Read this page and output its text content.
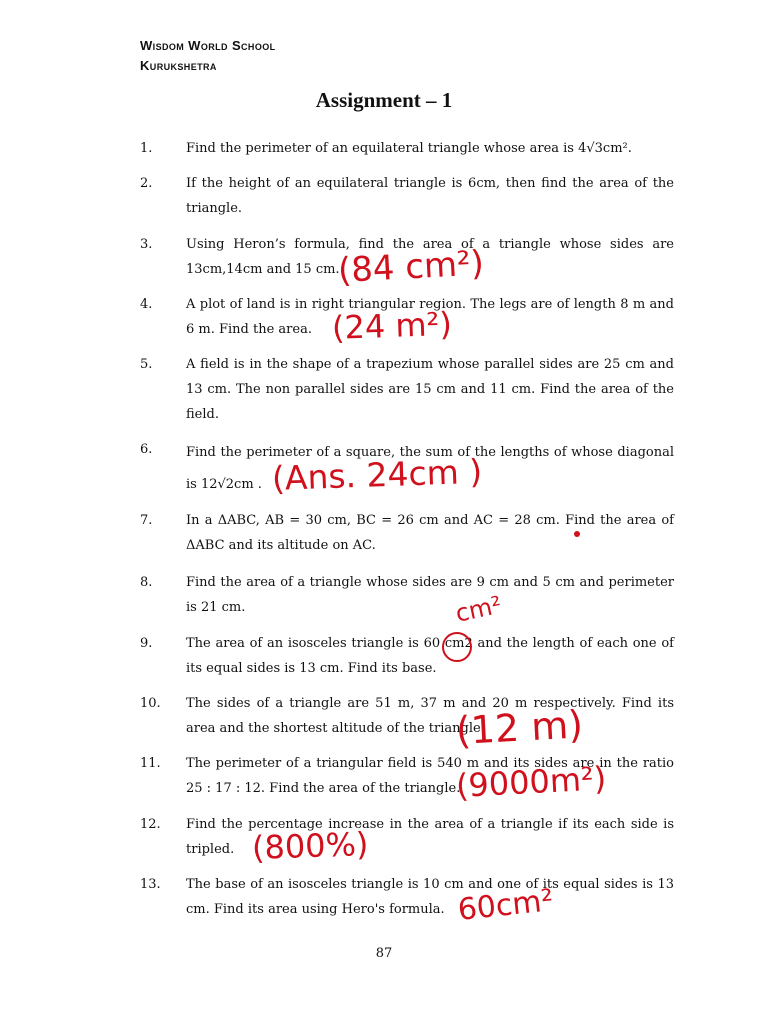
Wisdom World School
Kurukshetra
Assignment – 1
1.	Find the perimeter of an equilateral triangle whose area is 4√3cm².
2.	If the height of an equilateral triangle is 6cm, then find the area of the triangle.
3.	Using Heron’s formula, find the area of a triangle whose sides are 13cm,14cm and 15 cm.
4.	A plot of land is in right triangular region. The legs are of length 8 m and 6 m. Find the area.
5.	A field is in the shape of a trapezium whose parallel sides are 25 cm and 13 cm. The non parallel sides are 15 cm and 11 cm. Find the area of the field.
6.	Find the perimeter of a square, the sum of the lengths of whose diagonal is 12√2cm .
7.	In a ΔABC, AB = 30 cm, BC = 26 cm and AC = 28 cm. Find the area of ΔABC and its altitude on AC.
8.	Find the area of a triangle whose sides are 9 cm and 5 cm and perimeter is 21 cm.
9.	The area of an isosceles triangle is 60 cm2 and the length of each one of its equal sides is 13 cm. Find its base.
10. The sides of a triangle are 51 m, 37 m and 20 m respectively. Find its area and the shortest altitude of the triangle.
11. The perimeter of a triangular field is 540 m and its sides are in the ratio 25 : 17 : 12. Find the area of the triangle.
12. Find the percentage increase in the area of a triangle if its each side is tripled.
13. The base of an isosceles triangle is 10 cm and one of its equal sides is 13 cm. Find its area using Hero's formula.
(84 cm²)
(24 m²)
(Ans. 24cm )
cm²
(12 m)
(9000m²)
(800%)
60cm²
87
